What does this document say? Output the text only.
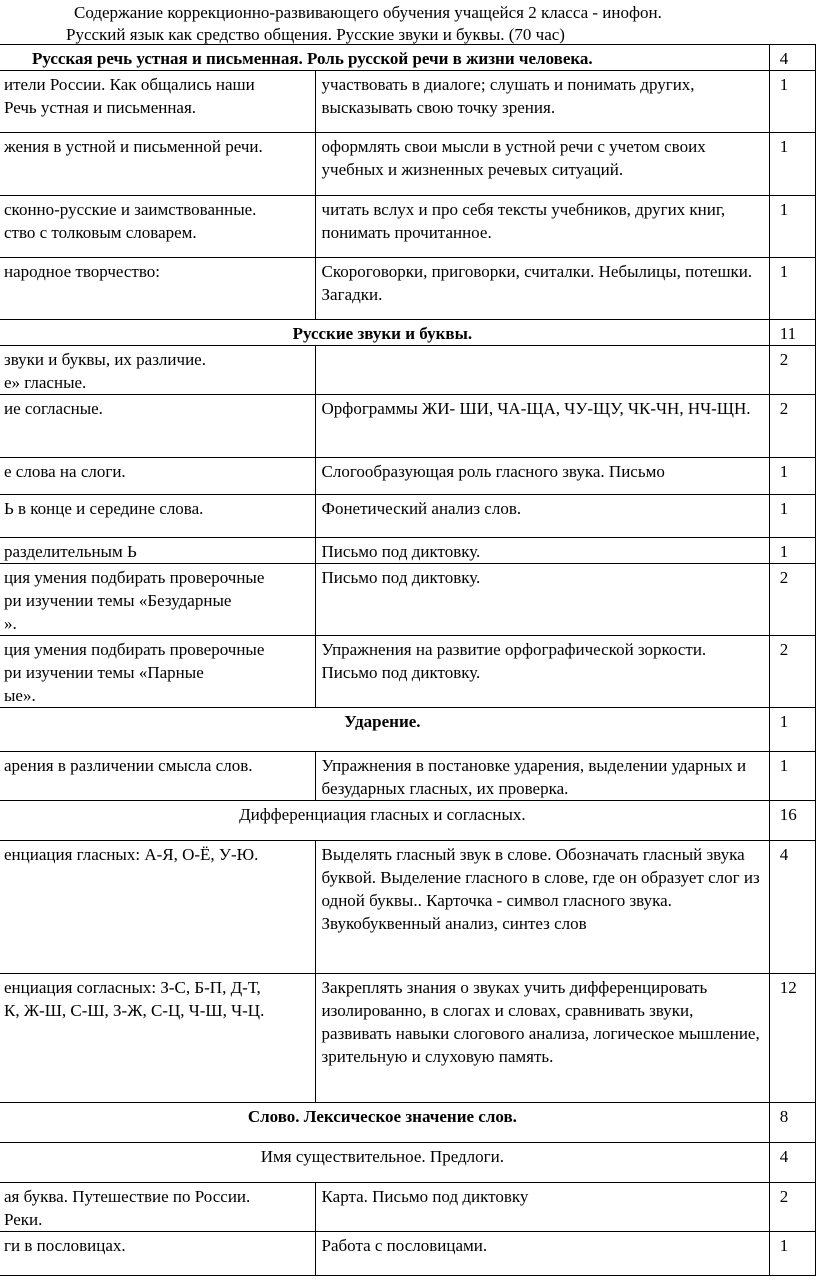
Содержание коррекционно-развивающего обучения учащейся 2 класса - инофон.
Русский язык как средство общения. Русские звуки и буквы. (70 час)
Русская речь устная и письменная. Роль русской речи в жизни человека.		4

ители России. Как общались наши
Речь устная и письменная.	участвовать в диалоге; слушать и понимать других, высказывать свою точку зрения.	1

жения в устной и письменной речи.	оформлять свои мысли в устной речи с учетом своих учебных и жизненных речевых ситуаций.	1

сконно-русские и заимствованные.
ство с толковым словарем.	читать вслух и про себя тексты учебников, других книг, понимать прочитанное.	1

народное творчество:	Скороговорки, приговорки, считалки. Небылицы, потешки. Загадки.	1
Русские звуки и буквы.		11

звуки и буквы, их различие.
е» гласные.		2

ие согласные.	Орфограммы ЖИ- ШИ, ЧА-ЩА, ЧУ-ЩУ, ЧК-ЧН, НЧ-ЩН.	2

е слова на слоги.	Слогообразующая роль гласного звука. Письмо	1

Ь в конце и середине слова.	Фонетический анализ слов.	1

разделительным Ь	Письмо под диктовку.	1

ция умения подбирать проверочные
ри изучении темы «Безударные
».	Письмо под диктовку.	2

ция умения подбирать проверочные
ри изучении темы «Парные
ые».	Упражнения на развитие орфографической зоркости. Письмо под диктовку.	2
Ударение.		1

арения в различении смысла слов.	Упражнения в постановке ударения, выделении ударных и безударных гласных, их проверка.	1
Дифференциация гласных и согласных.		16

енциация гласных: А-Я, О-Ё, У-Ю.	Выделять гласный звук в слове. Обозначать гласный звука буквой. Выделение гласного в слове, где он образует слог из одной буквы.. Карточка - символ гласного звука. Звукобуквенный анализ, синтез слов	4

енциация согласных: З-С, Б-П, Д-Т,
К, Ж-Ш, С-Ш, З-Ж, С-Ц, Ч-Ш, Ч-Ц.	Закреплять знания о звуках учить дифференцировать изолированно, в слогах и словах, сравнивать звуки, развивать навыки слогового анализа, логическое мышление, зрительную и слуховую память.	12
Слово. Лексическое значение слов.		8
Имя существительное. Предлоги.		4

ая буква. Путешествие по России.
Реки.	Карта. Письмо под диктовку	2

ги в пословицах.	Работа с пословицами.	1
